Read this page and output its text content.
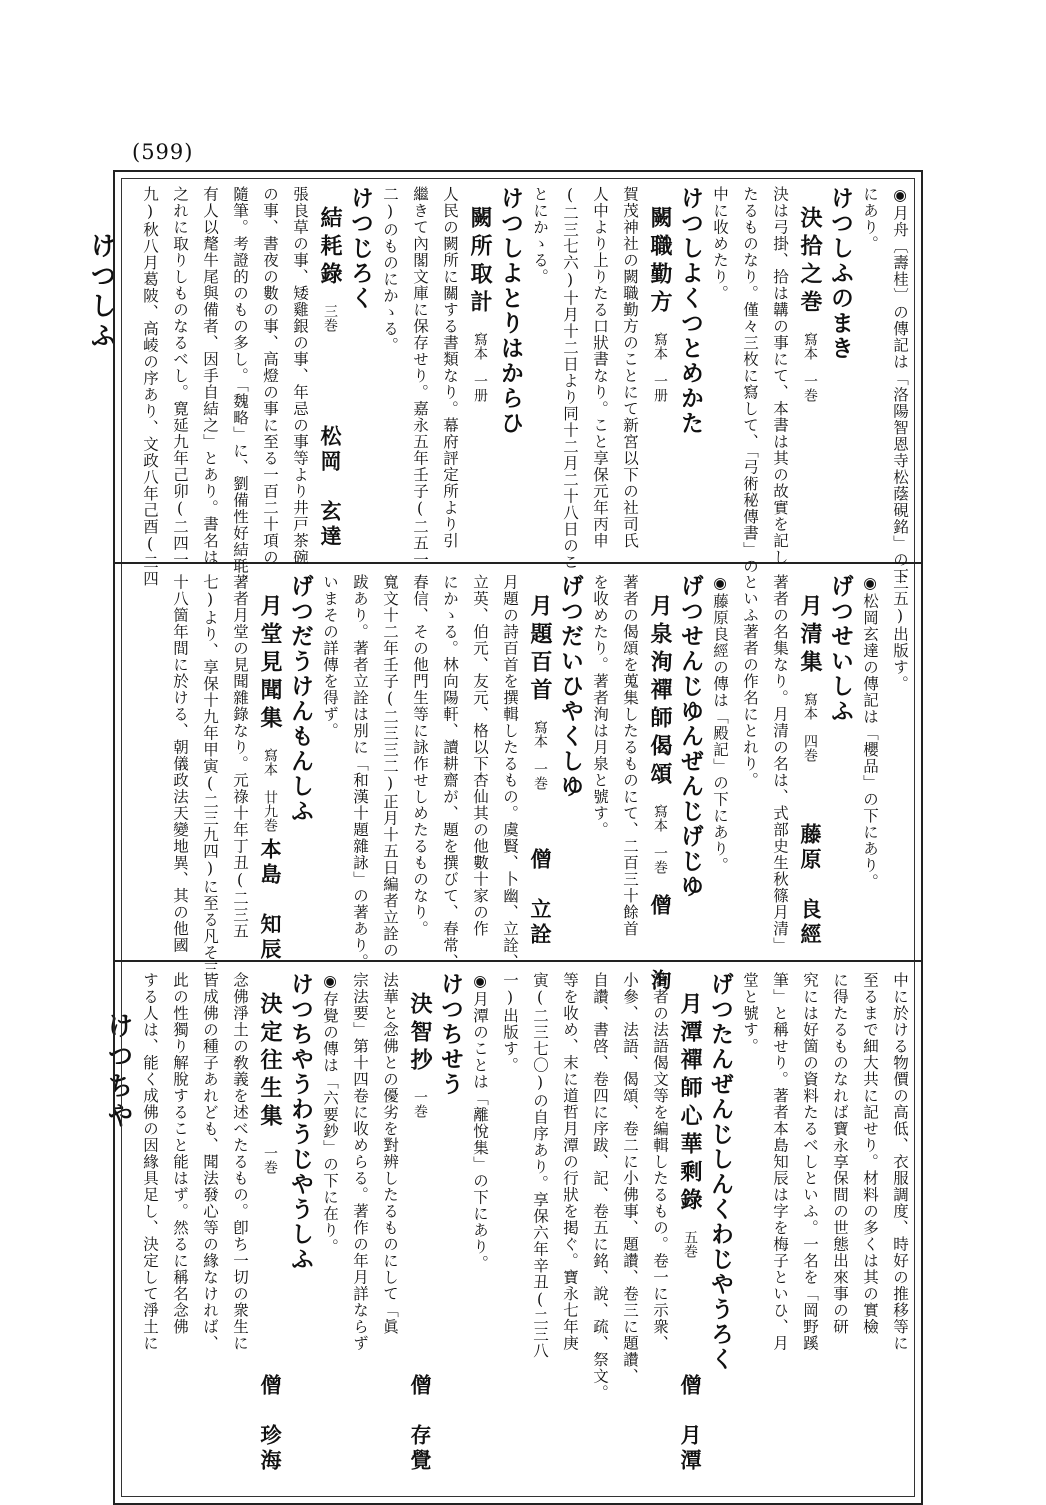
(599)
けつしふ
けつちや
◉月舟〔壽桂〕の傳記は「洛陽智恩寺松蔭硯銘」の下
にあり。
けつしふのまき
決拾之巻
寫本　一巻
決は弓掛、拾は韝の事にて、本書は其の故實を記し
たるものなり。僅々三枚に寫して、「弓術秘傳書」の
中に收めたり。
けつしよくつとめかた
闕職勤方
寫本　一册
賀茂神社の闕職勤方のことにて新宮以下の社司氏
人中より上りたる口狀書なり。こと享保元年丙申
(二三七六)十月十二日より同十二月二十八日のこ
とにかゝる。
けつしよとりはからひ
闕所取計
寫本　一册
人民の闕所に關する書類なり。幕府評定所より引
繼きて內閣文庫に保存せり。嘉永五年壬子(二五一
二)のものにかゝる。
けつじろく
結耗錄
三巻
松岡　玄達
張良草の事、矮雞銀の事、年忌の事等より井戸茶碗
の事、書夜の數の事、高燈の事に至る一百二十項の
隨筆。考證的のもの多し。「魏略」に、劉備性好結毦、
有人以氂牛尾與備者、因手自結之」とあり。書名は
之れに取りしものなるべし。寛延九年己卯(二四一
九)秋八月葛陂、高崚の序あり、文政八年己酉(二四
三五)出版す。
◉松岡玄達の傳記は「櫻品」の下にあり。
げつせいしふ
月清集
寫本　四巻
藤原　良經
著者の名集なり。月清の名は、式部史生秋篠月清」
といふ著者の作名にとれり。
◉藤原良經の傳は「殿記」の下にあり。
げつせんじゆんぜんじげじゆ
月泉洵禪師偈頌
寫本　一巻
僧　　洵
著者の偈頌を蒐集したるものにて、二百三十餘首
を收めたり。著者洵は月泉と號す。
げつだいひやくしゆ
月題百首
寫本　一巻
僧　立詮
月題の詩百首を撰輯したるもの。虞賢、卜幽、立詮、
立英、伯元、友元、格以下杏仙其の他數十家の作
にかゝる。林向陽軒、讀耕齋が、題を撰びて、春常、
春信、その他門生等に詠作せしめたるものなり。
寬文十二年壬子(二三三二)正月十五日編者立詮の
跋あり。著者立詮は別に「和漢十題雜詠」の著あり。
いまその詳傳を得ず。
げつだうけんもんしふ
月堂見聞集
寫本　廿九巻
本島　知辰
著者月堂の見聞雜錄なり。元祿十年丁丑(二三五
七)より、享保十九年甲寅(二三九四)に至る凡そ三
十八箇年間に於ける、朝儀政法天變地異、其の他國
中に於ける物價の高低、衣服調度、時好の推移等に
至るまで細大共に記せり。材料の多くは其の實檢
に得たるものなれば寶永享保間の世態出來事の研
究には好箇の資料たるべしといふ。一名を「岡野蹊
筆」と稱せり。著者本島知辰は字を梅子といひ、月
堂と號す。
げつたんぜんじしんくわじやうろく
月潭禪師心華剩錄
五巻
僧　月潭
著者の法語偈文等を編輯したるもの。卷一に示衆、
小參、法語、偈頌、卷二に小佛事、題讚、卷三に題讚、
自讚、書啓、卷四に序跋、記、卷五に銘、說、疏、祭文。
等を收め、末に道哲月潭の行狀を掲ぐ。寶永七年庚
寅(二三七〇)の自序あり。享保六年辛丑(二三八
一)出版す。
◉月潭のことは「離悅集」の下にあり。
けつちせう
決智抄
一巻
僧　存覺
法華と念佛との優劣を對辨したるものにして「眞
宗法要」第十四卷に收めらる。著作の年月詳ならず
◉存覺の傳は「六要鈔」の下に在り。
けつちやうわうじやうしふ
決定往生集
一巻
僧　珍海
念佛淨土の敎義を述べたるもの。卽ち一切の衆生に
皆成佛の種子あれども、聞法發心等の緣なければ、
此の性獨り解脫すること能はず。然るに稱名念佛
する人は、能く成佛の因緣具足し、決定して淨土に
